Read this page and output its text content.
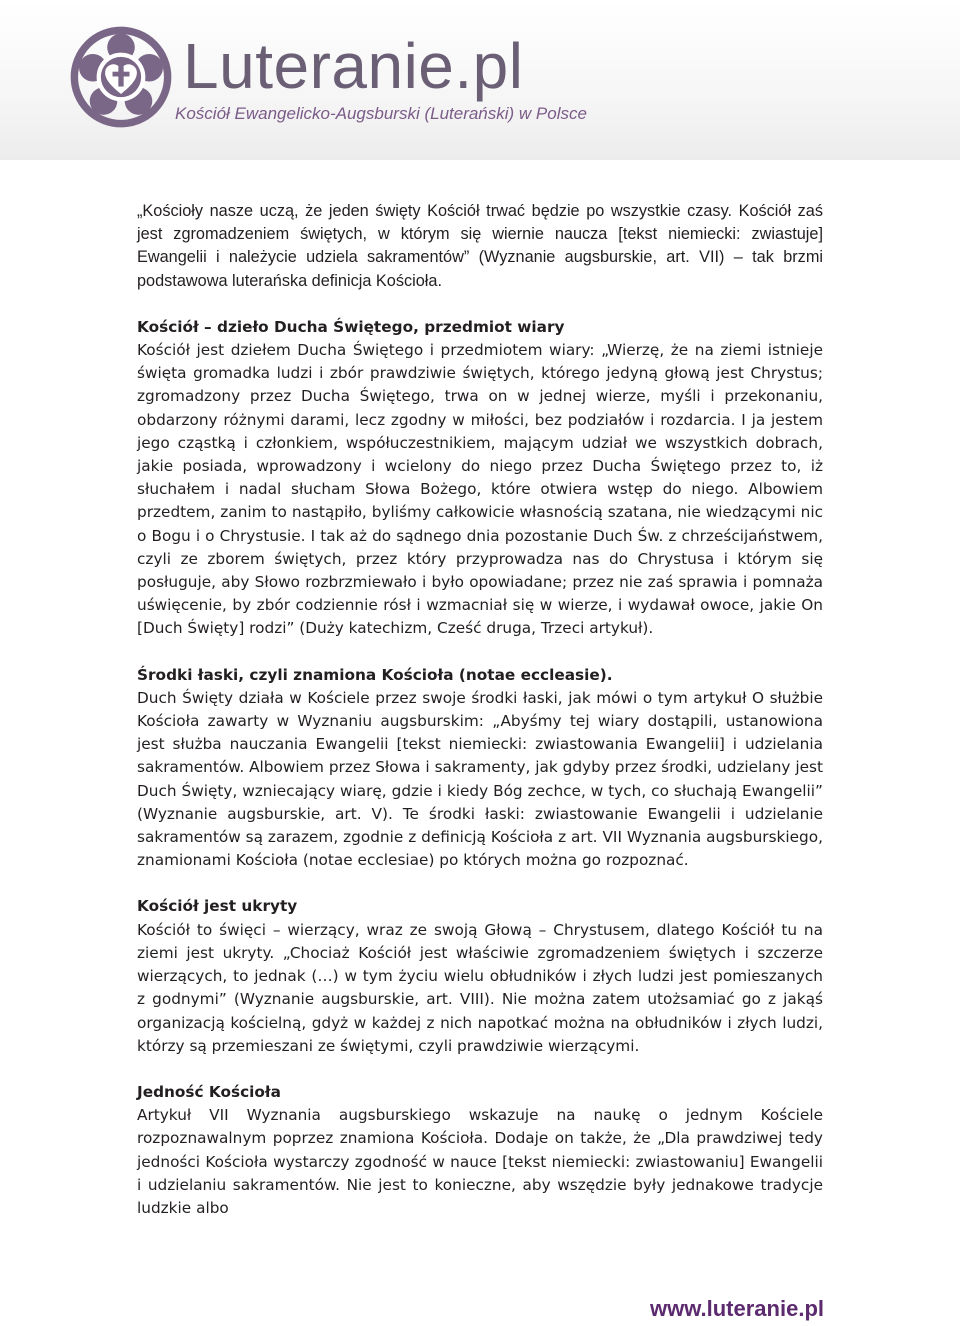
Luteranie.pl
Kościół Ewangelicko-Augsburski (Luterański) w Polsce

„Kościoły nasze uczą, że jeden święty Kościół trwać będzie po wszystkie czasy. Kościół zaś jest zgromadzeniem świętych, w którym się wiernie naucza [tekst niemiecki: zwiastuje] Ewangelii i należycie udziela sakramentów” (Wyznanie augsburskie, art. VII) – tak brzmi podstawowa luterańska definicja Kościoła.

Kościół – dzieło Ducha Świętego, przedmiot wiary

Kościół jest dziełem Ducha Świętego i przedmiotem wiary: „Wierzę, że na ziemi istnieje święta gromadka ludzi i zbór prawdziwie świętych, którego jedyną głową jest Chrystus; zgromadzony przez Ducha Świętego, trwa on w jednej wierze, myśli i przekonaniu, obdarzony różnymi darami, lecz zgodny w miłości, bez podziałów i rozdarcia. I ja jestem jego cząstką i członkiem, współuczestnikiem, mającym udział we wszystkich dobrach, jakie posiada, wprowadzony i wcielony do niego przez Ducha Świętego przez to, iż słuchałem i nadal słucham Słowa Bożego, które otwiera wstęp do niego. Albowiem przedtem, zanim to nastąpiło, byliśmy całkowicie własnością szatana, nie wiedzącymi nic o Bogu i o Chrystusie. I tak aż do sądnego dnia pozostanie Duch Św. z chrześcijaństwem, czyli ze zborem świętych, przez który przyprowadza nas do Chrystusa i którym się posługuje, aby Słowo rozbrzmiewało i było opowiadane; przez nie zaś sprawia i pomnaża uświęcenie, by zbór codziennie rósł i wzmacniał się w wierze, i wydawał owoce, jakie On [Duch Święty] rodzi” (Duży katechizm, Cześć druga, Trzeci artykuł).

Środki łaski, czyli znamiona Kościoła (notae eccleasie).

Duch Święty działa w Kościele przez swoje środki łaski, jak mówi o tym artykuł O służbie Kościoła zawarty w Wyznaniu augsburskim: „Abyśmy tej wiary dostąpili, ustanowiona jest służba nauczania Ewangelii [tekst niemiecki: zwiastowania Ewangelii] i udzielania sakramentów. Albowiem przez Słowa i sakramenty, jak gdyby przez środki, udzielany jest Duch Święty, wzniecający wiarę, gdzie i kiedy Bóg zechce, w tych, co słuchają Ewangelii” (Wyznanie augsburskie, art. V). Te środki łaski: zwiastowanie Ewangelii i udzielanie sakramentów są zarazem, zgodnie z definicją Kościoła z art. VII Wyznania augsburskiego, znamionami Kościoła (notae ecclesiae) po których można go rozpoznać.

Kościół jest ukryty

Kościół to święci – wierzący, wraz ze swoją Głową – Chrystusem, dlatego Kościół tu na ziemi jest ukryty. „Chociaż Kościół jest właściwie zgromadzeniem świętych i szczerze wierzących, to jednak (…) w tym życiu wielu obłudników i złych ludzi jest pomieszanych z godnymi” (Wyznanie augsburskie, art. VIII). Nie można zatem utożsamiać go z jakąś organizacją kościelną, gdyż w każdej z nich napotkać można na obłudników i złych ludzi, którzy są przemieszani ze świętymi, czyli prawdziwie wierzącymi.

Jedność Kościoła

Artykuł VII Wyznania augsburskiego wskazuje na naukę o jednym Kościele rozpoznawalnym poprzez znamiona Kościoła. Dodaje on także, że „Dla prawdziwej tedy jedności Kościoła wystarczy zgodność w nauce [tekst niemiecki: zwiastowaniu] Ewangelii i udzielaniu sakramentów. Nie jest to konieczne, aby wszędzie były jednakowe tradycje ludzkie albo

www.luteranie.pl
